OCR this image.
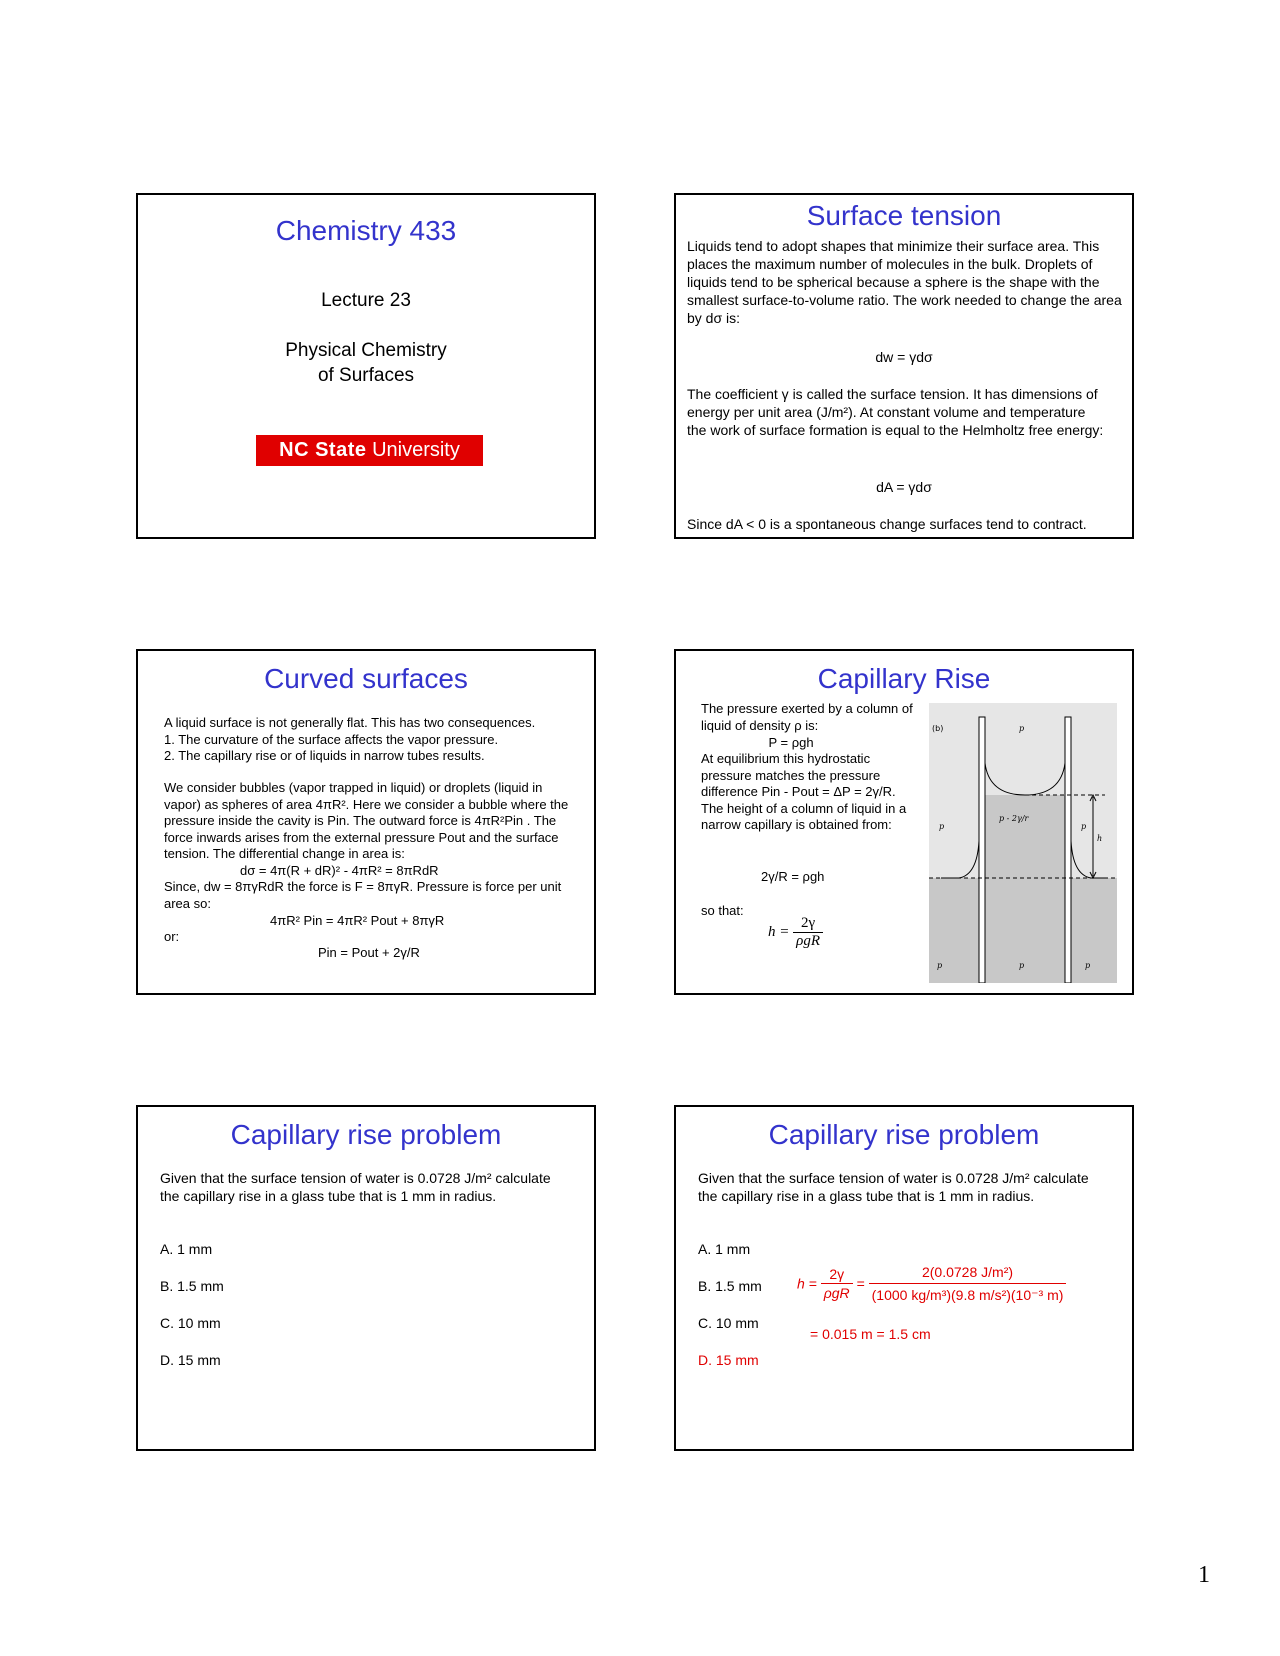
Chemistry 433
Lecture 23
Physical Chemistry
of Surfaces
NC State University
Surface tension
Liquids tend to adopt shapes that minimize their surface area. This places the maximum number of molecules in the bulk. Droplets of liquids tend to be spherical because a sphere is the shape with the smallest surface-to-volume ratio. The work needed to change the area by dσ is:
dw = γdσ
The coefficient γ is called the surface tension. It has dimensions of energy per unit area (J/m²). At constant volume and temperature the work of surface formation is equal to the Helmholtz free energy:
dA = γdσ
Since dA < 0 is a spontaneous change surfaces tend to contract.
Curved surfaces
A liquid surface is not generally flat. This has two consequences.
1. The curvature of the surface affects the vapor pressure.
2. The capillary rise or of liquids in narrow tubes results.
We consider bubbles (vapor trapped in liquid) or droplets (liquid in vapor) as spheres of area 4πR². Here we consider a bubble where the pressure inside the cavity is Pin. The outward force is 4πR²Pin . The force inwards arises from the external pressure Pout and the surface tension. The differential change in area is:
dσ = 4π(R + dR)² - 4πR² = 8πRdR
Since, dw = 8πγRdR the force is F = 8πγR. Pressure is force per unit area so:
4πR² Pin = 4πR² Pout + 8πγR
or:
Pin = Pout + 2γ/R
Capillary Rise
The pressure exerted by a column of liquid of density ρ is:
P = ρgh
At equilibrium this hydrostatic pressure matches the pressure difference Pin - Pout = ΔP = 2γ/R. The height of a column of liquid in a narrow capillary is obtained from:
2γ/R = ρgh
so that:
$h = \frac{2\gamma}{\text{ρgR}}$
(b)	p
p - 2γ/r
p	p
h
p	p	p
Capillary rise problem
Given that the surface tension of water is 0.0728 J/m² calculate the capillary rise in a glass tube that is 1 mm in radius.
A. 1 mm
B. 1.5 mm
C. 10 mm
D. 15 mm
Capillary rise problem
Given that the surface tension of water is 0.0728 J/m² calculate the capillary rise in a glass tube that is 1 mm in radius.
A. 1 mm
B. 1.5 mm
C. 10 mm
D. 15 mm
$h = \frac{2\gamma}{\text{ρgR}} = \frac{\text{2(0.0728 J/m²)}}{\text{(1000 kg/m³)(9.8 m/s²)(10⁻³ m)}}$
= 0.015 m = 1.5 cm
1
